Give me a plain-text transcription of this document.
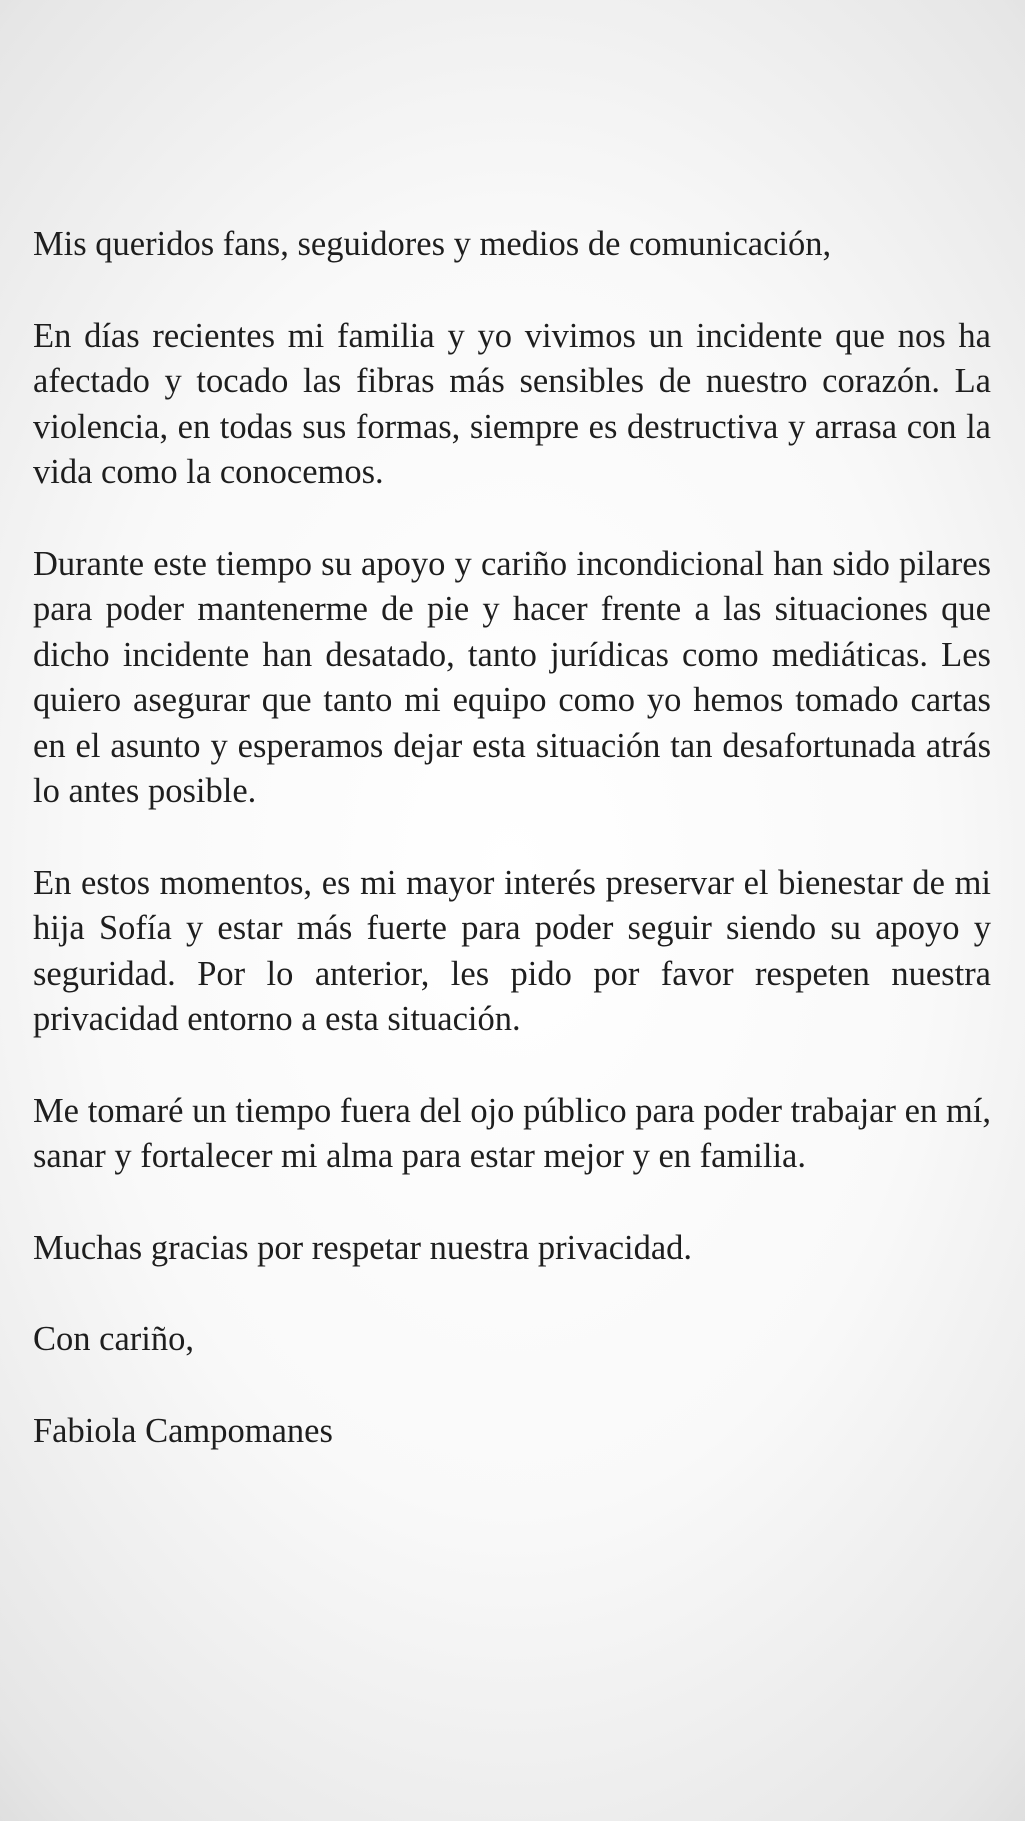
Mis queridos fans, seguidores y medios de comunicación,

En días recientes mi familia y yo vivimos un incidente que nos ha afectado y tocado las fibras más sensibles de nuestro corazón. La violencia, en todas sus formas, siempre es destructiva y arrasa con la vida como la conocemos.

Durante este tiempo su apoyo y cariño incondicional han sido pilares para poder mantenerme de pie y hacer frente a las situaciones que dicho incidente han desatado, tanto jurídicas como mediáticas. Les quiero asegurar que tanto mi equipo como yo hemos tomado cartas en el asunto y esperamos dejar esta situación tan desafortunada atrás lo antes posible.

En estos momentos, es mi mayor interés preservar el bienestar de mi hija Sofía y estar más fuerte para poder seguir siendo su apoyo y seguridad. Por lo anterior, les pido por favor respeten nuestra privacidad entorno a esta situación.

Me tomaré un tiempo fuera del ojo público para poder trabajar en mí, sanar y fortalecer mi alma para estar mejor y en familia.

Muchas gracias por respetar nuestra privacidad.

Con cariño,

Fabiola Campomanes
